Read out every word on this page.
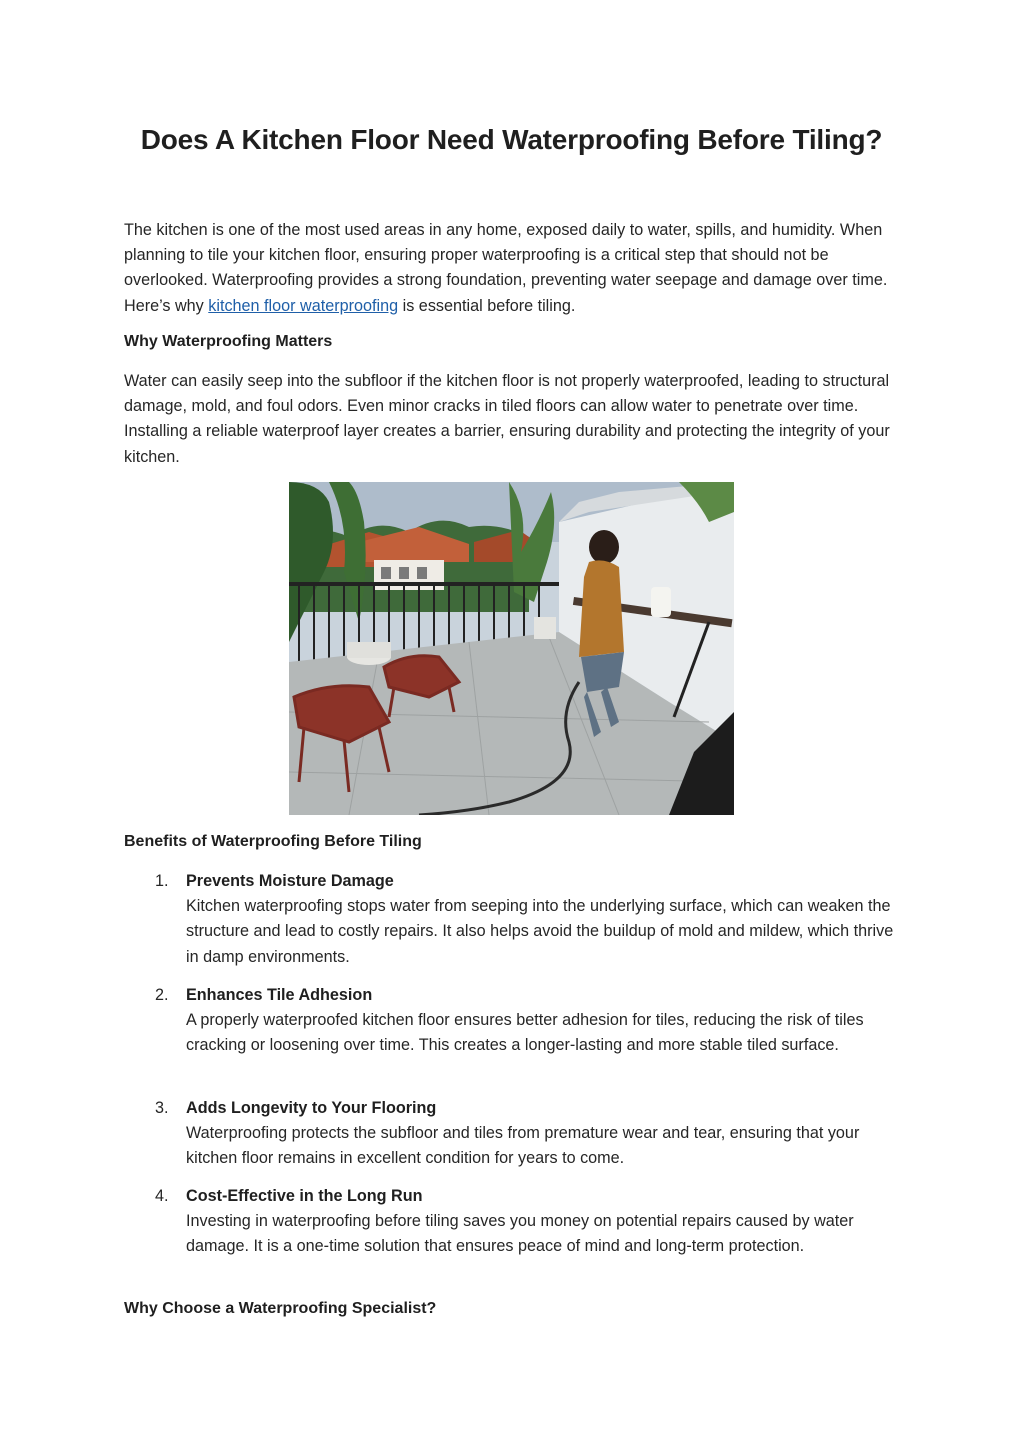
Does A Kitchen Floor Need Waterproofing Before Tiling?

The kitchen is one of the most used areas in any home, exposed daily to water, spills, and humidity. When planning to tile your kitchen floor, ensuring proper waterproofing is a critical step that should not be overlooked. Waterproofing provides a strong foundation, preventing water seepage and damage over time. Here’s why kitchen floor waterproofing is essential before tiling.

Why Waterproofing Matters

Water can easily seep into the subfloor if the kitchen floor is not properly waterproofed, leading to structural damage, mold, and foul odors. Even minor cracks in tiled floors can allow water to penetrate over time. Installing a reliable waterproof layer creates a barrier, ensuring durability and protecting the integrity of your kitchen.

Benefits of Waterproofing Before Tiling
1. Prevents Moisture Damage
Kitchen waterproofing stops water from seeping into the underlying surface, which can weaken the structure and lead to costly repairs. It also helps avoid the buildup of mold and mildew, which thrive in damp environments.
2. Enhances Tile Adhesion
A properly waterproofed kitchen floor ensures better adhesion for tiles, reducing the risk of tiles cracking or loosening over time. This creates a longer-lasting and more stable tiled surface.
3. Adds Longevity to Your Flooring
Waterproofing protects the subfloor and tiles from premature wear and tear, ensuring that your kitchen floor remains in excellent condition for years to come.
4. Cost-Effective in the Long Run
Investing in waterproofing before tiling saves you money on potential repairs caused by water damage. It is a one-time solution that ensures peace of mind and long-term protection.
Why Choose a Waterproofing Specialist?
